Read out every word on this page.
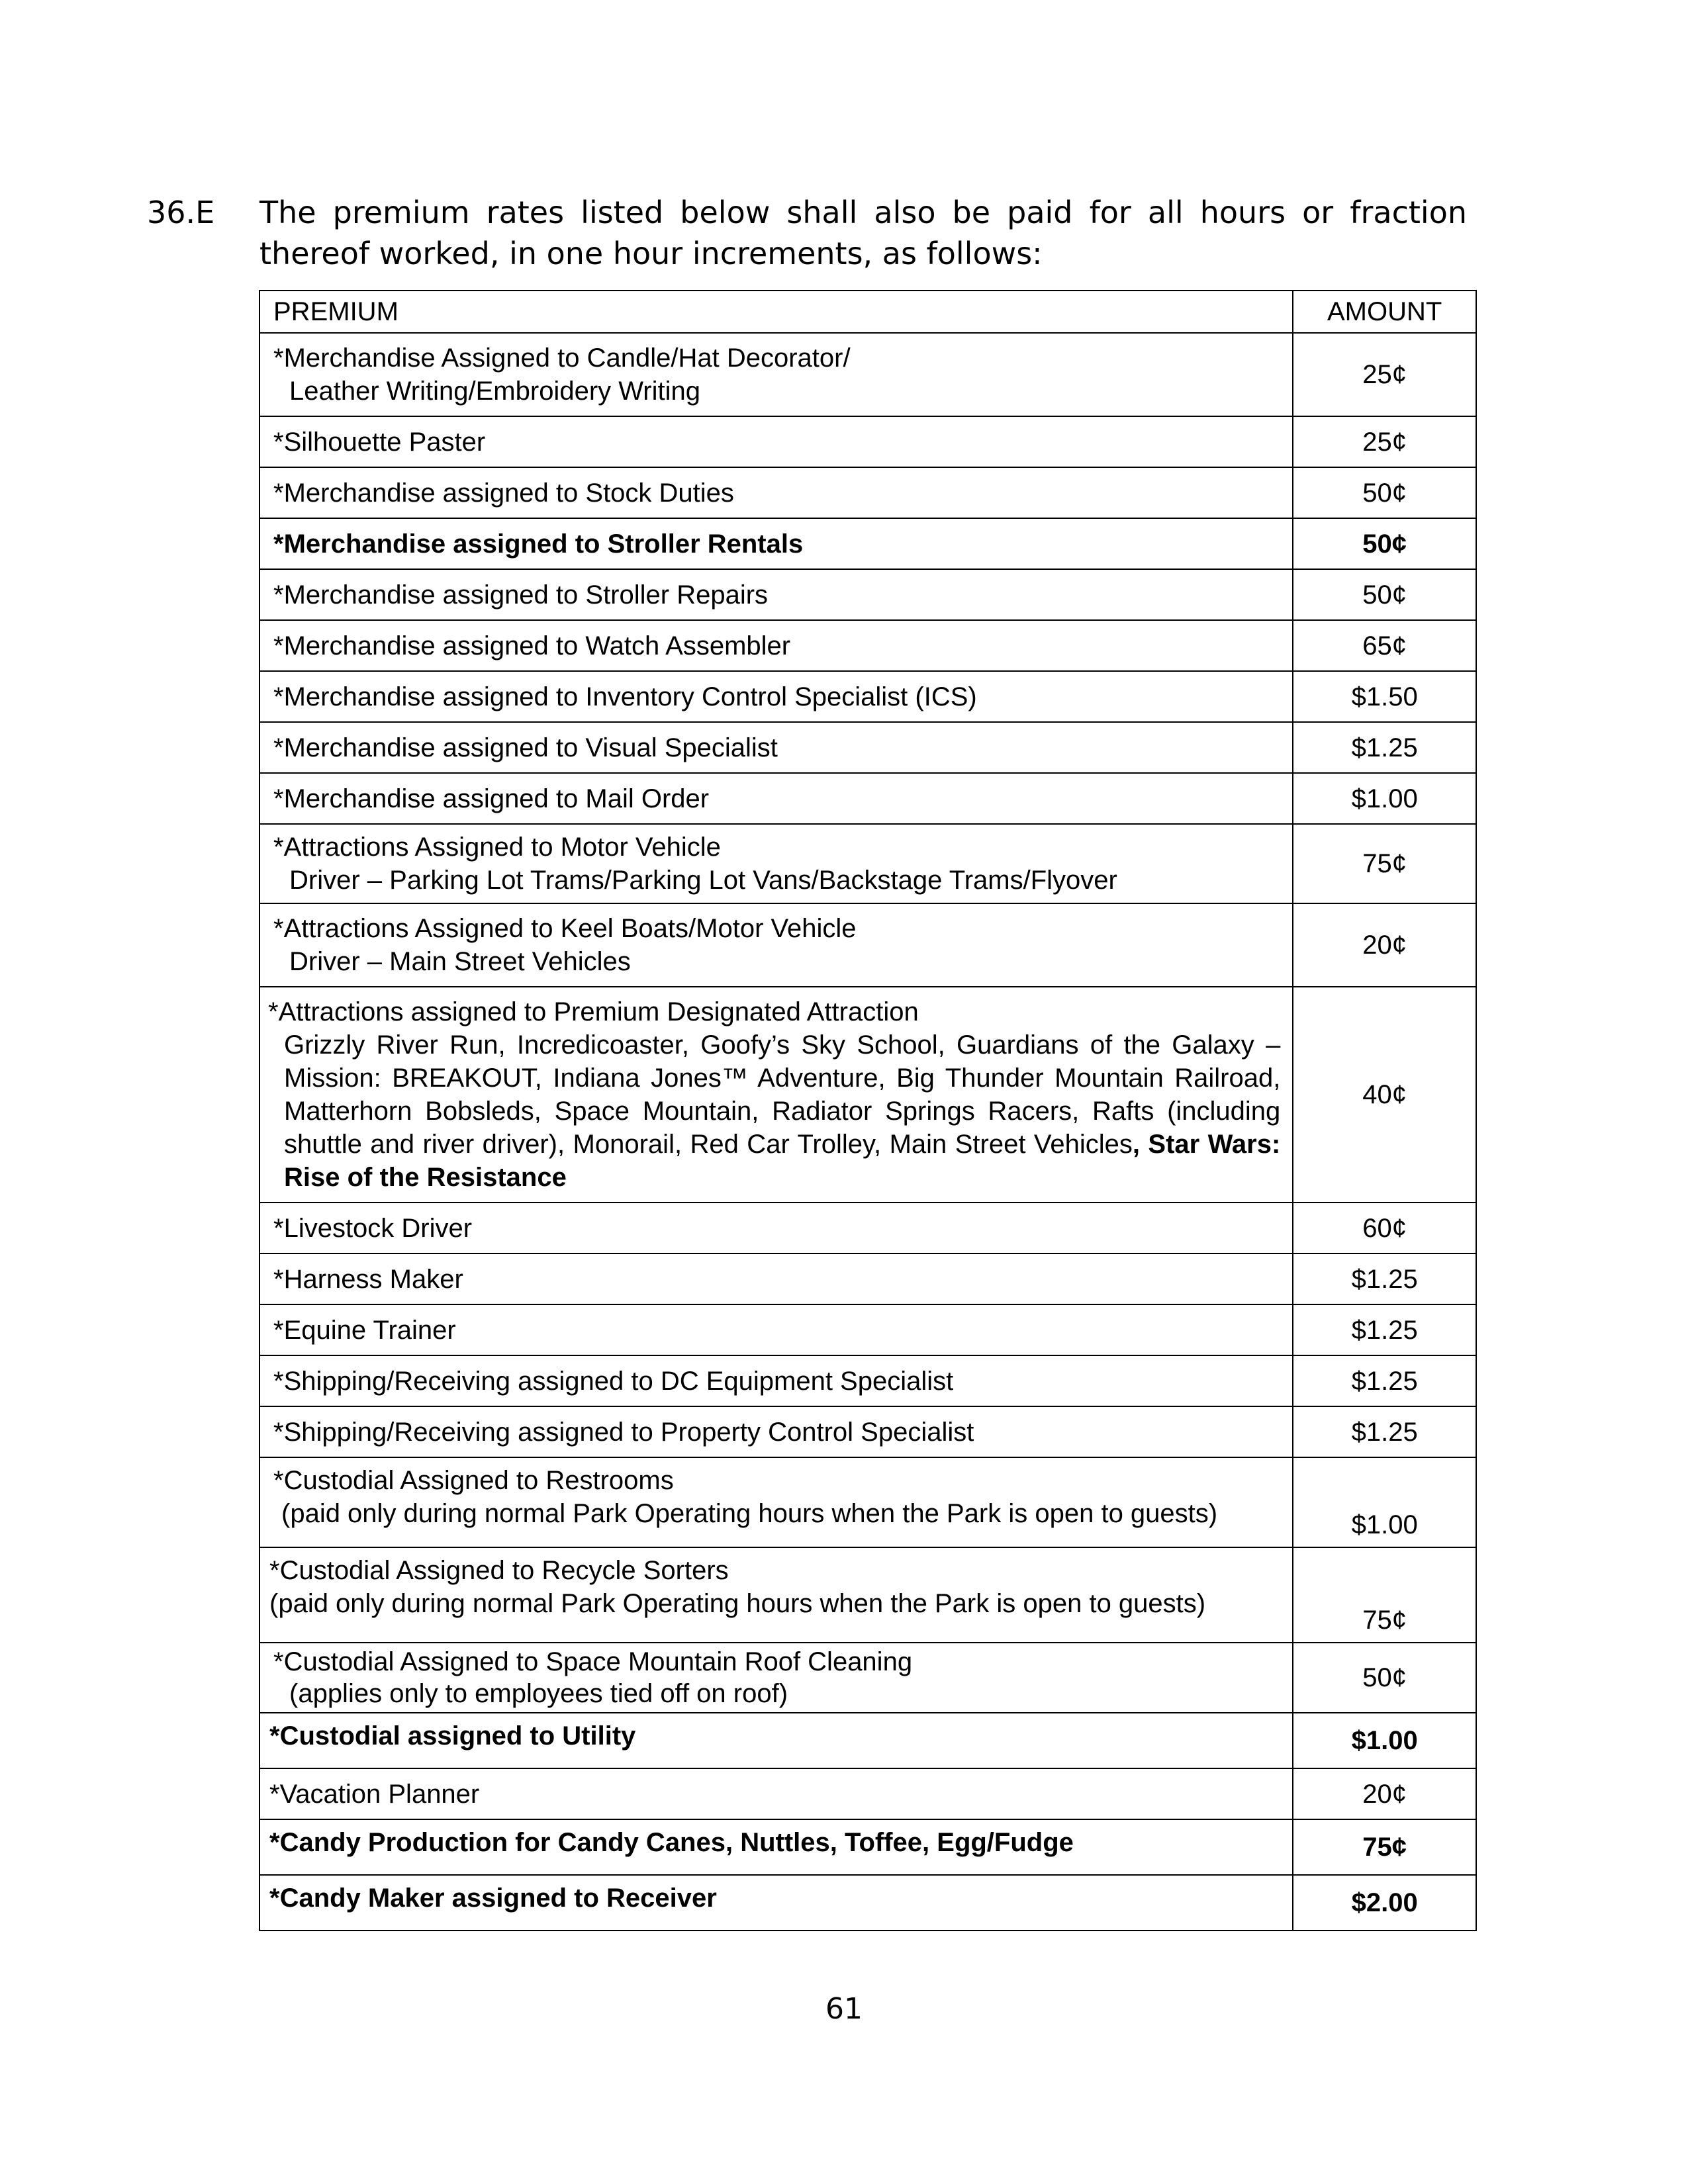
36.E The premium rates listed below shall also be paid for all hours or fraction thereof worked, in one hour increments, as follows:
PREMIUM	AMOUNT

*Merchandise Assigned to Candle/Hat Decorator/
Leather Writing/Embroidery Writing	25¢
*Silhouette Paster	25¢
*Merchandise assigned to Stock Duties	50¢
*Merchandise assigned to Stroller Rentals	50¢
*Merchandise assigned to Stroller Repairs	50¢
*Merchandise assigned to Watch Assembler	65¢
*Merchandise assigned to Inventory Control Specialist (ICS)	$1.50
*Merchandise assigned to Visual Specialist	$1.25
*Merchandise assigned to Mail Order	$1.00

*Attractions Assigned to Motor Vehicle
Driver – Parking Lot Trams/Parking Lot Vans/Backstage Trams/Flyover	75¢

*Attractions Assigned to Keel Boats/Motor Vehicle
Driver – Main Street Vehicles	20¢

*Attractions assigned to Premium Designated Attraction
Grizzly River Run, Incredicoaster, Goofy’s Sky School, Guardians of the Galaxy – Mission: BREAKOUT, Indiana Jones™ Adventure, Big Thunder Mountain Railroad, Matterhorn Bobsleds, Space Mountain, Radiator Springs Racers, Rafts (including shuttle and river driver), Monorail, Red Car Trolley, Main Street Vehicles, Star Wars: Rise of the Resistance	40¢
*Livestock Driver	60¢
*Harness Maker	$1.25
*Equine Trainer	$1.25
*Shipping/Receiving assigned to DC Equipment Specialist	$1.25
*Shipping/Receiving assigned to Property Control Specialist	$1.25

*Custodial Assigned to Restrooms
(paid only during normal Park Operating hours when the Park is open to guests)	$1.00

*Custodial Assigned to Recycle Sorters
(paid only during normal Park Operating hours when the Park is open to guests)	75¢

*Custodial Assigned to Space Mountain Roof Cleaning
(applies only to employees tied off on roof)	50¢
*Custodial assigned to Utility	$1.00
*Vacation Planner	20¢
*Candy Production for Candy Canes, Nuttles, Toffee, Egg/Fudge	75¢
*Candy Maker assigned to Receiver	$2.00
61
